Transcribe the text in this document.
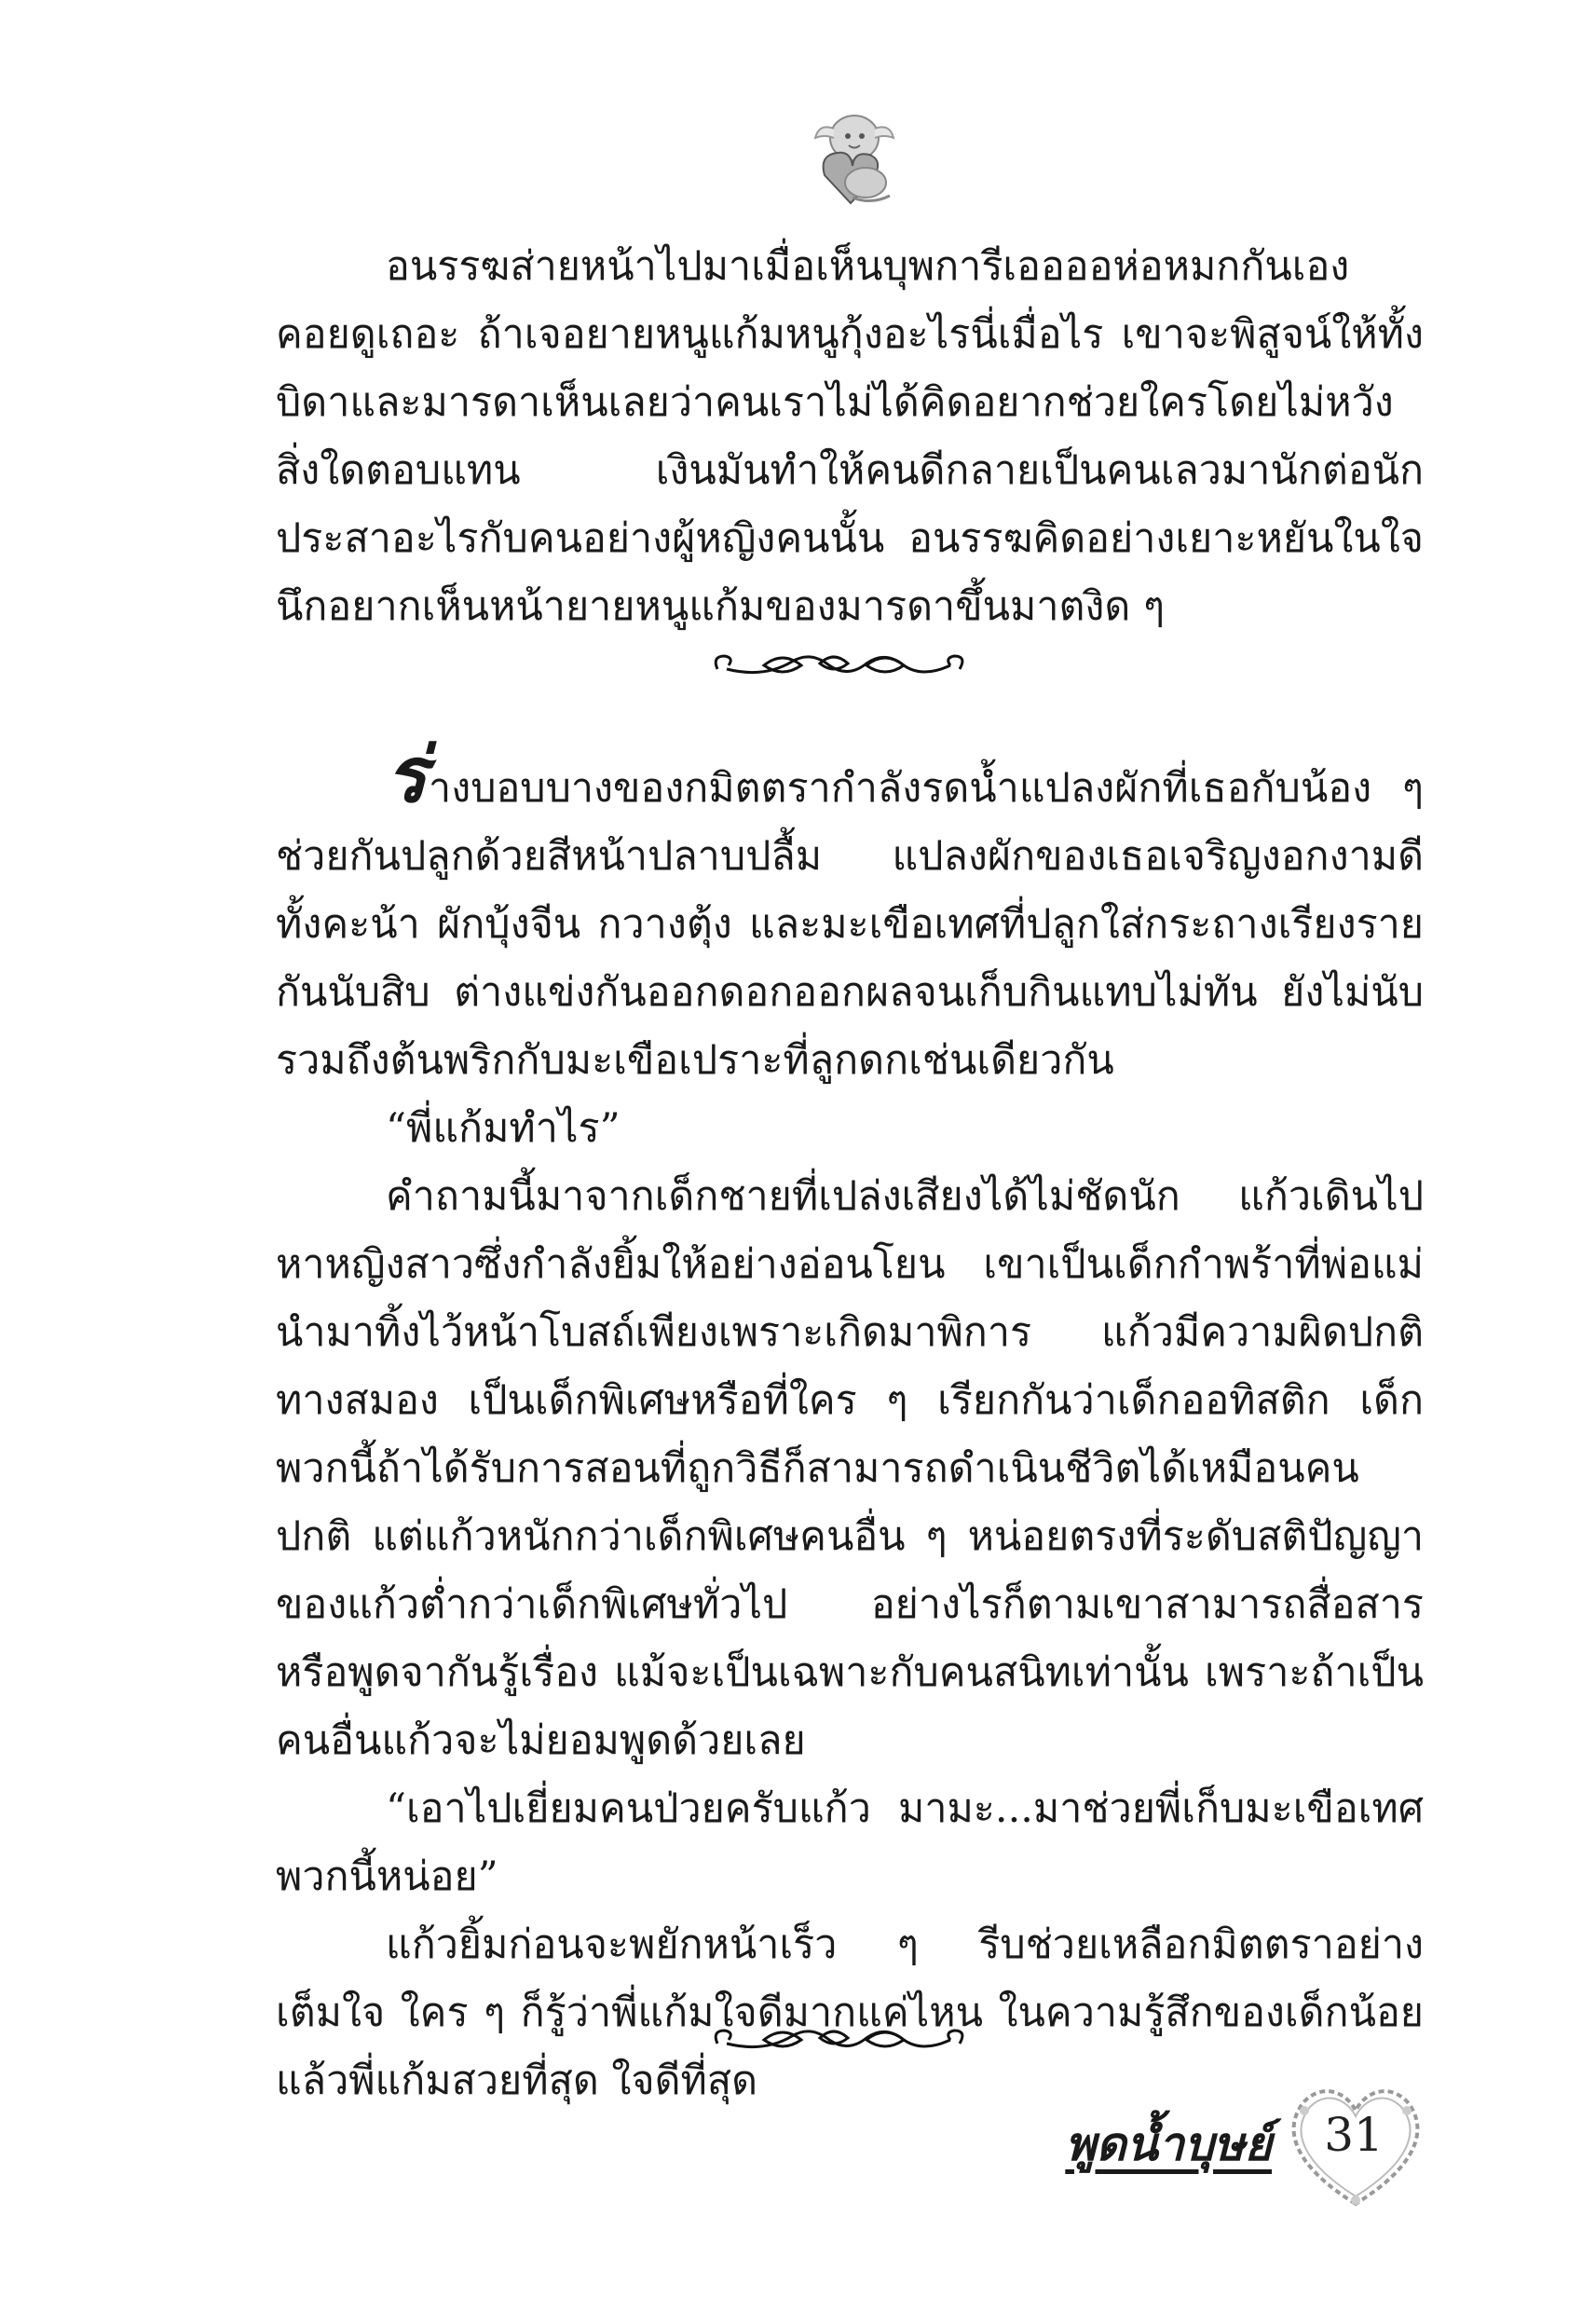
อนรรฆส่ายหน้าไปมาเมื่อเห็นบุพการีเออออห่อหมกกันเอง คอยดูเถอะ ถ้าเจอยายหนูแก้มหนูกุ้งอะไรนี่เมื่อไร เขาจะพิสูจน์ให้ทั้งบิดาและมารดาเห็นเลยว่าคนเราไม่ได้คิดอยากช่วยใครโดยไม่หวังสิ่งใดตอบแทน เงินมันทำให้คนดีกลายเป็นคนเลวมานักต่อนัก ประสาอะไรกับคนอย่างผู้หญิงคนนั้น อนรรฆคิดอย่างเยาะหยันในใจ นึกอยากเห็นหน้ายายหนูแก้มของมารดาขึ้นมาตงิด ๆ

ร่างบอบบางของกมิตตรากำลังรดน้ำแปลงผักที่เธอกับน้อง ๆ ช่วยกันปลูกด้วยสีหน้าปลาบปลื้ม แปลงผักของเธอเจริญงอกงามดี ทั้งคะน้า ผักบุ้งจีน กวางตุ้ง และมะเขือเทศที่ปลูกใส่กระถางเรียงรายกันนับสิบ ต่างแข่งกันออกดอกออกผลจนเก็บกินแทบไม่ทัน ยังไม่นับรวมถึงต้นพริกกับมะเขือเปราะที่ลูกดกเช่นเดียวกัน

“พี่แก้มทำไร”

คำถามนี้มาจากเด็กชายที่เปล่งเสียงได้ไม่ชัดนัก แก้วเดินไปหาหญิงสาวซึ่งกำลังยิ้มให้อย่างอ่อนโยน เขาเป็นเด็กกำพร้าที่พ่อแม่นำมาทิ้งไว้หน้าโบสถ์เพียงเพราะเกิดมาพิการ แก้วมีความผิดปกติทางสมอง เป็นเด็กพิเศษหรือที่ใคร ๆ เรียกกันว่าเด็กออทิสติก เด็กพวกนี้ถ้าได้รับการสอนที่ถูกวิธีก็สามารถดำเนินชีวิตได้เหมือนคนปกติ แต่แก้วหนักกว่าเด็กพิเศษคนอื่น ๆ หน่อยตรงที่ระดับสติปัญญาของแก้วต่ำกว่าเด็กพิเศษทั่วไป อย่างไรก็ตามเขาสามารถสื่อสารหรือพูดจากันรู้เรื่อง แม้จะเป็นเฉพาะกับคนสนิทเท่านั้น เพราะถ้าเป็นคนอื่นแก้วจะไม่ยอมพูดด้วยเลย

“เอาไปเยี่ยมคนป่วยครับแก้ว มามะ...มาช่วยพี่เก็บมะเขือเทศพวกนี้หน่อย”

แก้วยิ้มก่อนจะพยักหน้าเร็ว ๆ รีบช่วยเหลือกมิตตราอย่างเต็มใจ ใคร ๆ ก็รู้ว่าพี่แก้มใจดีมากแค่ไหน ในความรู้สึกของเด็กน้อยแล้วพี่แก้มสวยที่สุด ใจดีที่สุด

พูดน้ำบุษย์	31
